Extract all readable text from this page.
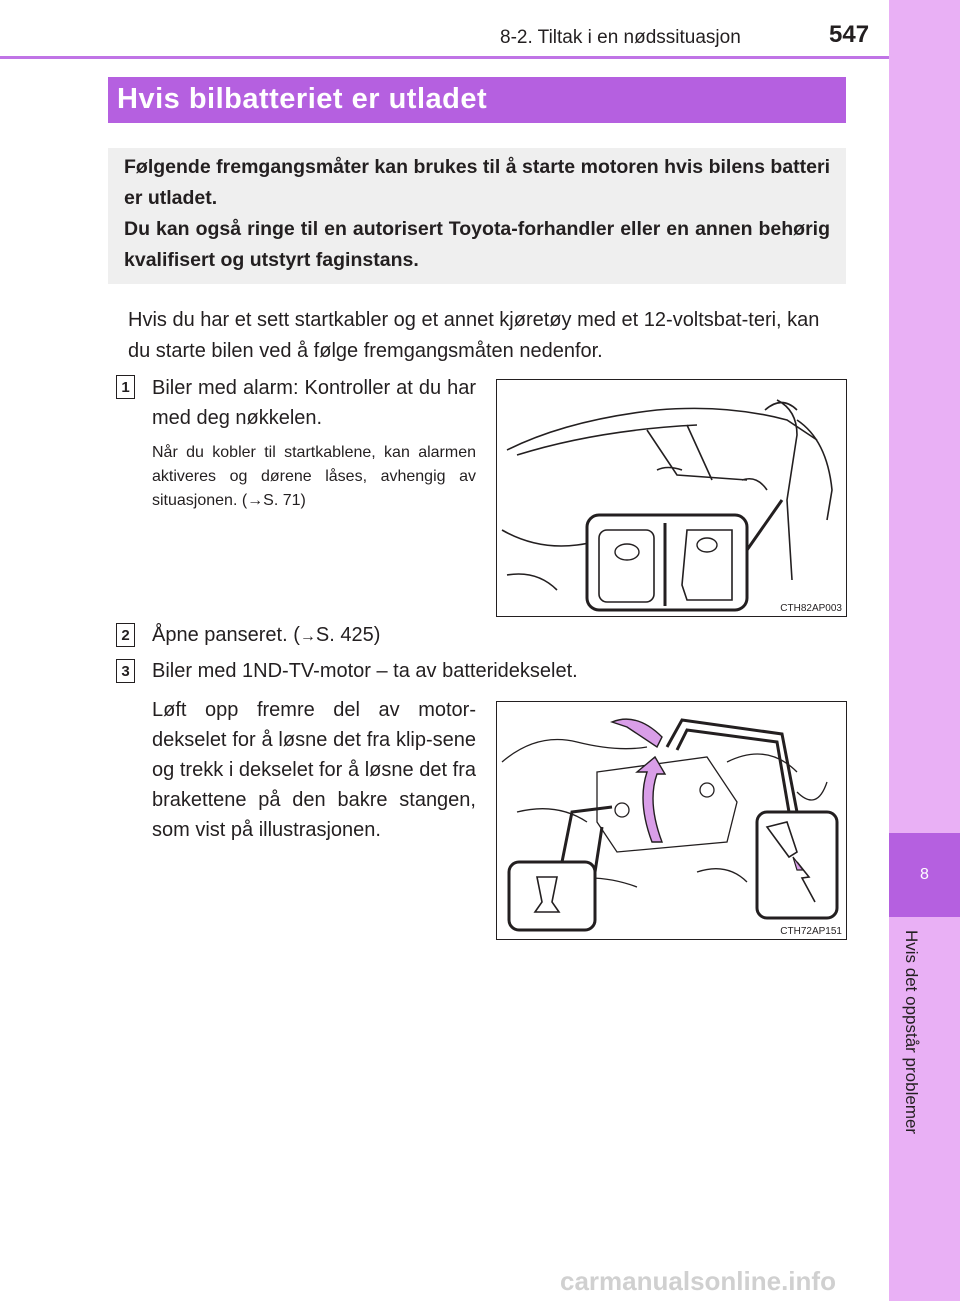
8
Hvis det oppstår problemer
8-2. Tiltak i en nødssituasjon	547
Hvis bilbatteriet er utladet

Følgende fremgangsmåter kan brukes til å starte motoren hvis bilens batteri er utladet.

Du kan også ringe til en autorisert Toyota-forhandler eller en annen behørig kvalifisert og utstyrt faginstans.

Hvis du har et sett startkabler og et annet kjøretøy med et 12-voltsbat-teri, kan du starte bilen ved å følge fremgangsmåten nedenfor.
1 Biler med alarm: Kontroller at du har med deg nøkkelen.
Når du kobler til startkablene, kan alarmen aktiveres og dørene låses, avhengig av situasjonen. (→S. 71)
CTH82AP003
2 Åpne panseret. (→S. 425)
3 Biler med 1ND-TV-motor – ta av batteridekselet.
Løft opp fremre del av motor-dekselet for å løsne det fra klip-sene og trekk i dekselet for å løsne det fra brakettene på den bakre stangen, som vist på illustrasjonen.
CTH72AP151
carmanualsonline.info
